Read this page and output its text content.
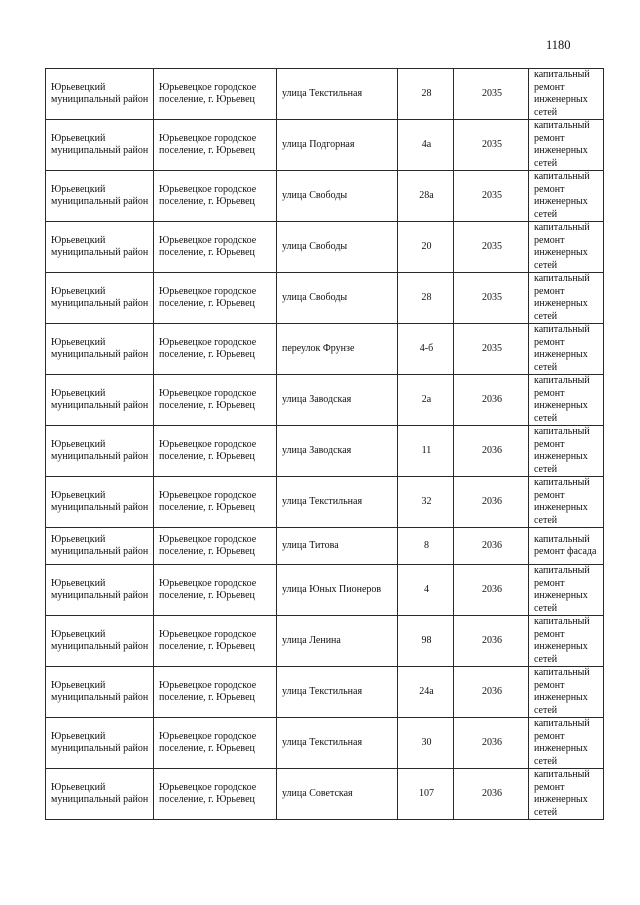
1180
Юрьевецкий муниципальный район	Юрьевецкое городское поселение, г. Юрьевец	улица Текстильная	28	2035	капитальный ремонт инженерных сетей

Юрьевецкий муниципальный район	Юрьевецкое городское поселение, г. Юрьевец	улица Подгорная	4а	2035	капитальный ремонт инженерных сетей

Юрьевецкий муниципальный район	Юрьевецкое городское поселение, г. Юрьевец	улица Свободы	28а	2035	капитальный ремонт инженерных сетей

Юрьевецкий муниципальный район	Юрьевецкое городское поселение, г. Юрьевец	улица Свободы	20	2035	капитальный ремонт инженерных сетей

Юрьевецкий муниципальный район	Юрьевецкое городское поселение, г. Юрьевец	улица Свободы	28	2035	капитальный ремонт инженерных сетей

Юрьевецкий муниципальный район	Юрьевецкое городское поселение, г. Юрьевец	переулок Фрунзе	4-б	2035	капитальный ремонт инженерных сетей

Юрьевецкий муниципальный район	Юрьевецкое городское поселение, г. Юрьевец	улица Заводская	2а	2036	капитальный ремонт инженерных сетей

Юрьевецкий муниципальный район	Юрьевецкое городское поселение, г. Юрьевец	улица Заводская	11	2036	капитальный ремонт инженерных сетей

Юрьевецкий муниципальный район	Юрьевецкое городское поселение, г. Юрьевец	улица Текстильная	32	2036	капитальный ремонт инженерных сетей

Юрьевецкий муниципальный район	Юрьевецкое городское поселение, г. Юрьевец	улица Титова	8	2036	капитальный ремонт фасада

Юрьевецкий муниципальный район	Юрьевецкое городское поселение, г. Юрьевец	улица Юных Пионеров	4	2036	капитальный ремонт инженерных сетей

Юрьевецкий муниципальный район	Юрьевецкое городское поселение, г. Юрьевец	улица Ленина	98	2036	капитальный ремонт инженерных сетей

Юрьевецкий муниципальный район	Юрьевецкое городское поселение, г. Юрьевец	улица Текстильная	24а	2036	капитальный ремонт инженерных сетей

Юрьевецкий муниципальный район	Юрьевецкое городское поселение, г. Юрьевец	улица Текстильная	30	2036	капитальный ремонт инженерных сетей

Юрьевецкий муниципальный район	Юрьевецкое городское поселение, г. Юрьевец	улица Советская	107	2036	капитальный ремонт инженерных сетей
